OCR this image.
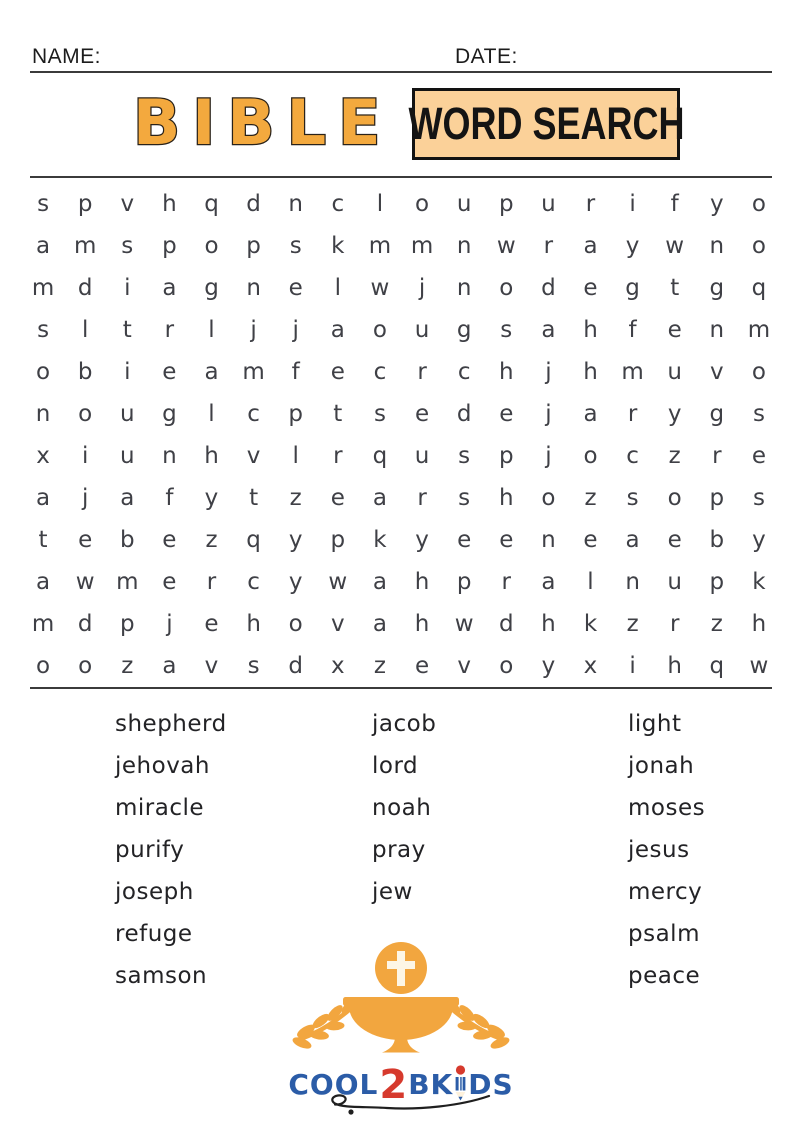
NAME:	DATE:
BIBLE WORD SEARCH
s p v h q d n c l o u p u r i f y o
a m s p o p s k m m n w r a y w n o
m d i a g n e l w j n o d e g t g q
s l t r l j j a o u g s a h f e n m
o b i e a m f e c r c h j h m u v o
n o u g l c p t s e d e j a r y g s
x i u n h v l r q u s p j o c z r e
a j a f y t z e a r s h o z s o p s
t e b e z q y p k y e e n e a e b y
a w m e r c y w a h p r a l n u p k
m d p j e h o v a h w d h k z r z h
o o z a v s d x z e v o y x i h q w
shepherd
jehovah
miracle
purify
joseph
refuge
samson
jacob
lord
noah
pray
jew
light
jonah
moses
jesus
mercy
psalm
peace
COOL2BK DS
